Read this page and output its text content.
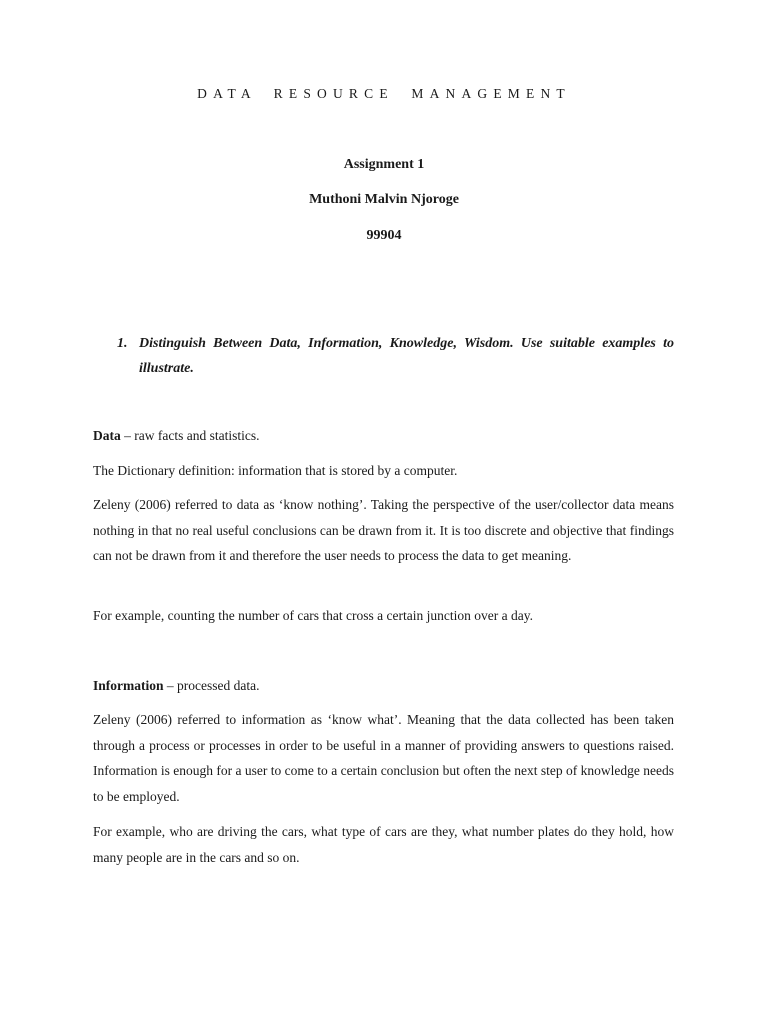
DATA RESOURCE MANAGEMENT
Assignment 1
Muthoni Malvin Njoroge
99904
1. Distinguish Between Data, Information, Knowledge, Wisdom. Use suitable examples to illustrate.

Data – raw facts and statistics.

The Dictionary definition: information that is stored by a computer.

Zeleny (2006) referred to data as ‘know nothing’. Taking the perspective of the user/collector data means nothing in that no real useful conclusions can be drawn from it. It is too discrete and objective that findings can not be drawn from it and therefore the user needs to process the data to get meaning.

For example, counting the number of cars that cross a certain junction over a day.

Information – processed data.

Zeleny (2006) referred to information as ‘know what’. Meaning that the data collected has been taken through a process or processes in order to be useful in a manner of providing answers to questions raised. Information is enough for a user to come to a certain conclusion but often the next step of knowledge needs to be employed.

For example, who are driving the cars, what type of cars are they, what number plates do they hold, how many people are in the cars and so on.
